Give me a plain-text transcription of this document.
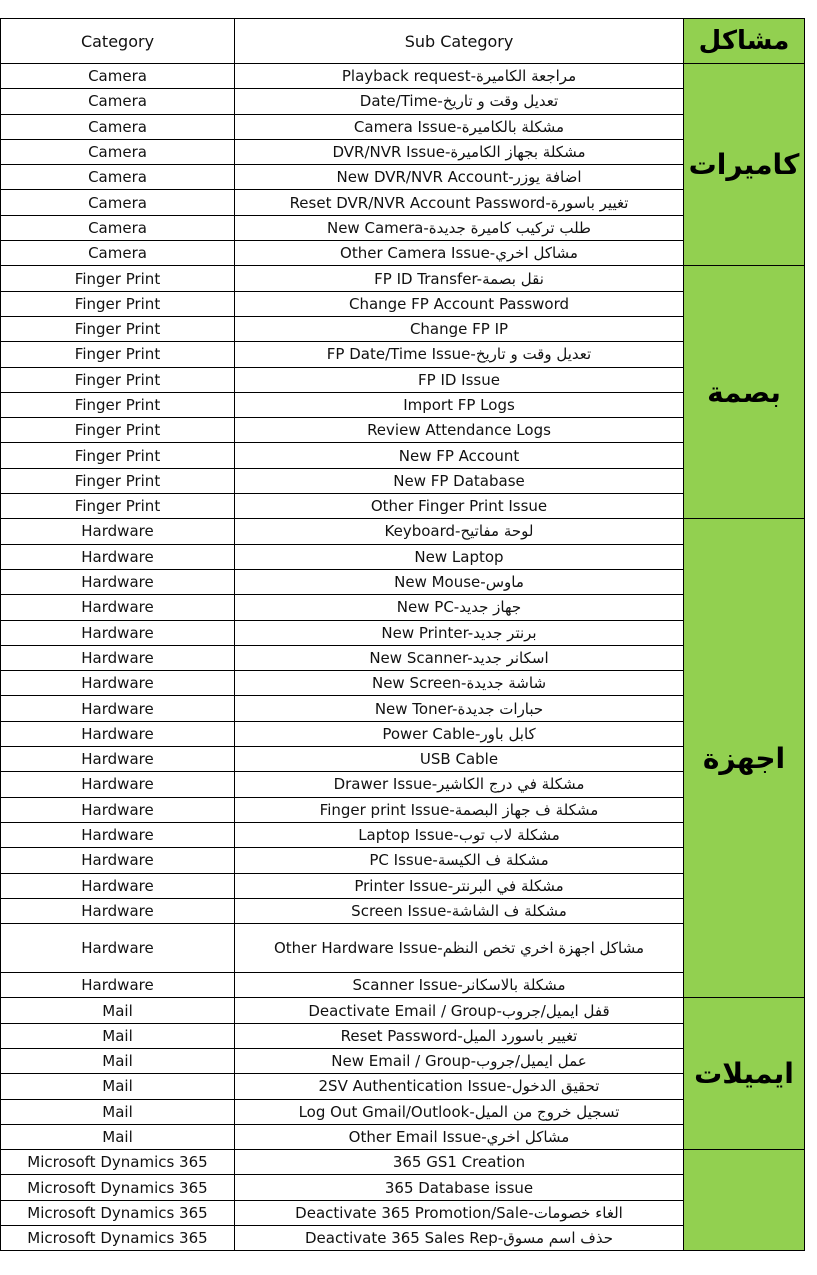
Category	Sub Category	مشاكل
Camera	Playback request-مراجعة الكاميرة	كاميرات
Camera	Date/Time-تعديل وقت و تاريخ	
Camera	Camera Issue-مشكلة بالكاميرة	
Camera	DVR/NVR Issue-مشكلة بجهاز الكاميرة	
Camera	New DVR/NVR Account-اضافة يوزر	
Camera	Reset DVR/NVR Account Password-تغيير باسورة	
Camera	New Camera-طلب تركيب كاميرة جديدة	
Camera	Other Camera Issue-مشاكل اخري	
Finger Print	FP ID Transfer-نقل بصمة	بصمة
Finger Print	Change FP Account Password	
Finger Print	Change FP IP	
Finger Print	FP Date/Time Issue-تعديل وقت و تاريخ	
Finger Print	FP ID Issue	
Finger Print	Import FP Logs	
Finger Print	Review Attendance Logs	
Finger Print	New FP Account	
Finger Print	New FP Database	
Finger Print	Other Finger Print Issue	
Hardware	Keyboard-لوحة مفاتيح	اجهزة
Hardware	New Laptop	
Hardware	New Mouse-ماوس	
Hardware	New PC-جهاز جديد	
Hardware	New Printer-برنتر جديد	
Hardware	New Scanner-اسكانر جديد	
Hardware	New Screen-شاشة جديدة	
Hardware	New Toner-حبارات جديدة	
Hardware	Power Cable-كابل باور	
Hardware	USB Cable	
Hardware	Drawer Issue-مشكلة في درج الكاشير	
Hardware	Finger print Issue-مشكلة ف جهاز البصمة	
Hardware	Laptop Issue-مشكلة لاب توب	
Hardware	PC Issue-مشكلة ف الكيسة	
Hardware	Printer Issue-مشكلة في البرنتر	
Hardware	Screen Issue-مشكلة ف الشاشة	
Hardware	Other Hardware Issue-مشاكل اجهزة اخري تخص النظم	
Hardware	Scanner Issue-مشكلة بالاسكانر	
Mail	Deactivate Email / Group-قفل ايميل/جروب	ايميلات
Mail	Reset Password-تغيير باسورد الميل	
Mail	New Email / Group-عمل ايميل/جروب	
Mail	2SV Authentication Issue-تحقيق الدخول	
Mail	Log Out Gmail/Outlook-تسجيل خروج من الميل	
Mail	Other Email Issue-مشاكل اخري	
Microsoft Dynamics 365	365 GS1 Creation	
Microsoft Dynamics 365	365 Database issue	
Microsoft Dynamics 365	Deactivate 365 Promotion/Sale-الغاء خصومات	
Microsoft Dynamics 365	Deactivate 365 Sales Rep-حذف اسم مسوق	
